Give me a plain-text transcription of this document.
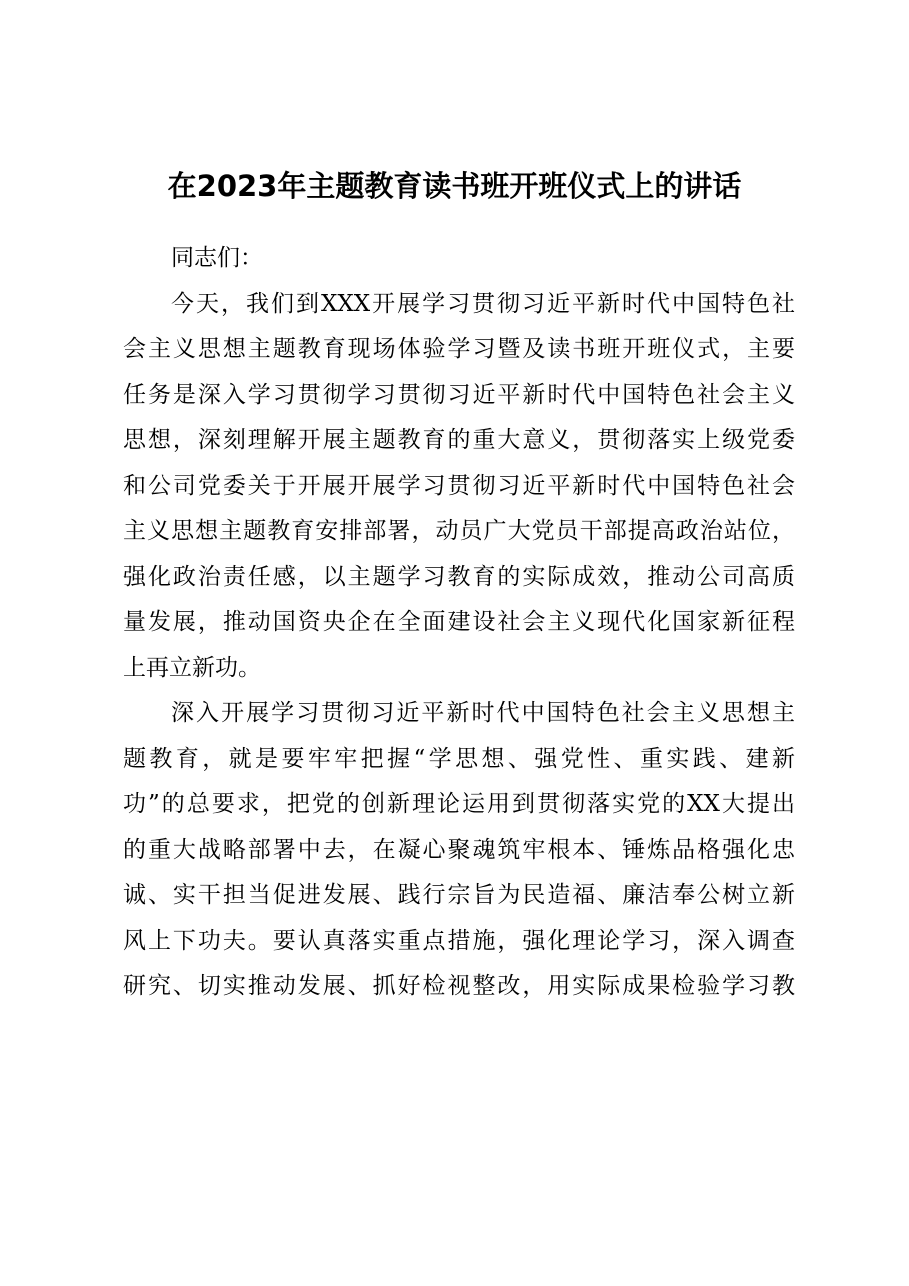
在2023年主题教育读书班开班仪式上的讲话
同志们：
今天，我们到XXX开展学习贯彻习近平新时代中国特色社
会主义思想主题教育现场体验学习暨及读书班开班仪式，主要
任务是深入学习贯彻学习贯彻习近平新时代中国特色社会主义
思想，深刻理解开展主题教育的重大意义，贯彻落实上级党委
和公司党委关于开展开展学习贯彻习近平新时代中国特色社会
主义思想主题教育安排部署，动员广大党员干部提高政治站位，
强化政治责任感，以主题学习教育的实际成效，推动公司高质
量发展，推动国资央企在全面建设社会主义现代化国家新征程
上再立新功。
深入开展学习贯彻习近平新时代中国特色社会主义思想主
题教育，就是要牢牢把握“学思想、强党性、重实践、建新
功”的总要求，把党的创新理论运用到贯彻落实党的XX大提出
的重大战略部署中去，在凝心聚魂筑牢根本、锤炼品格强化忠
诚、实干担当促进发展、践行宗旨为民造福、廉洁奉公树立新
风上下功夫。要认真落实重点措施，强化理论学习，深入调查
研究、切实推动发展、抓好检视整改，用实际成果检验学习教
